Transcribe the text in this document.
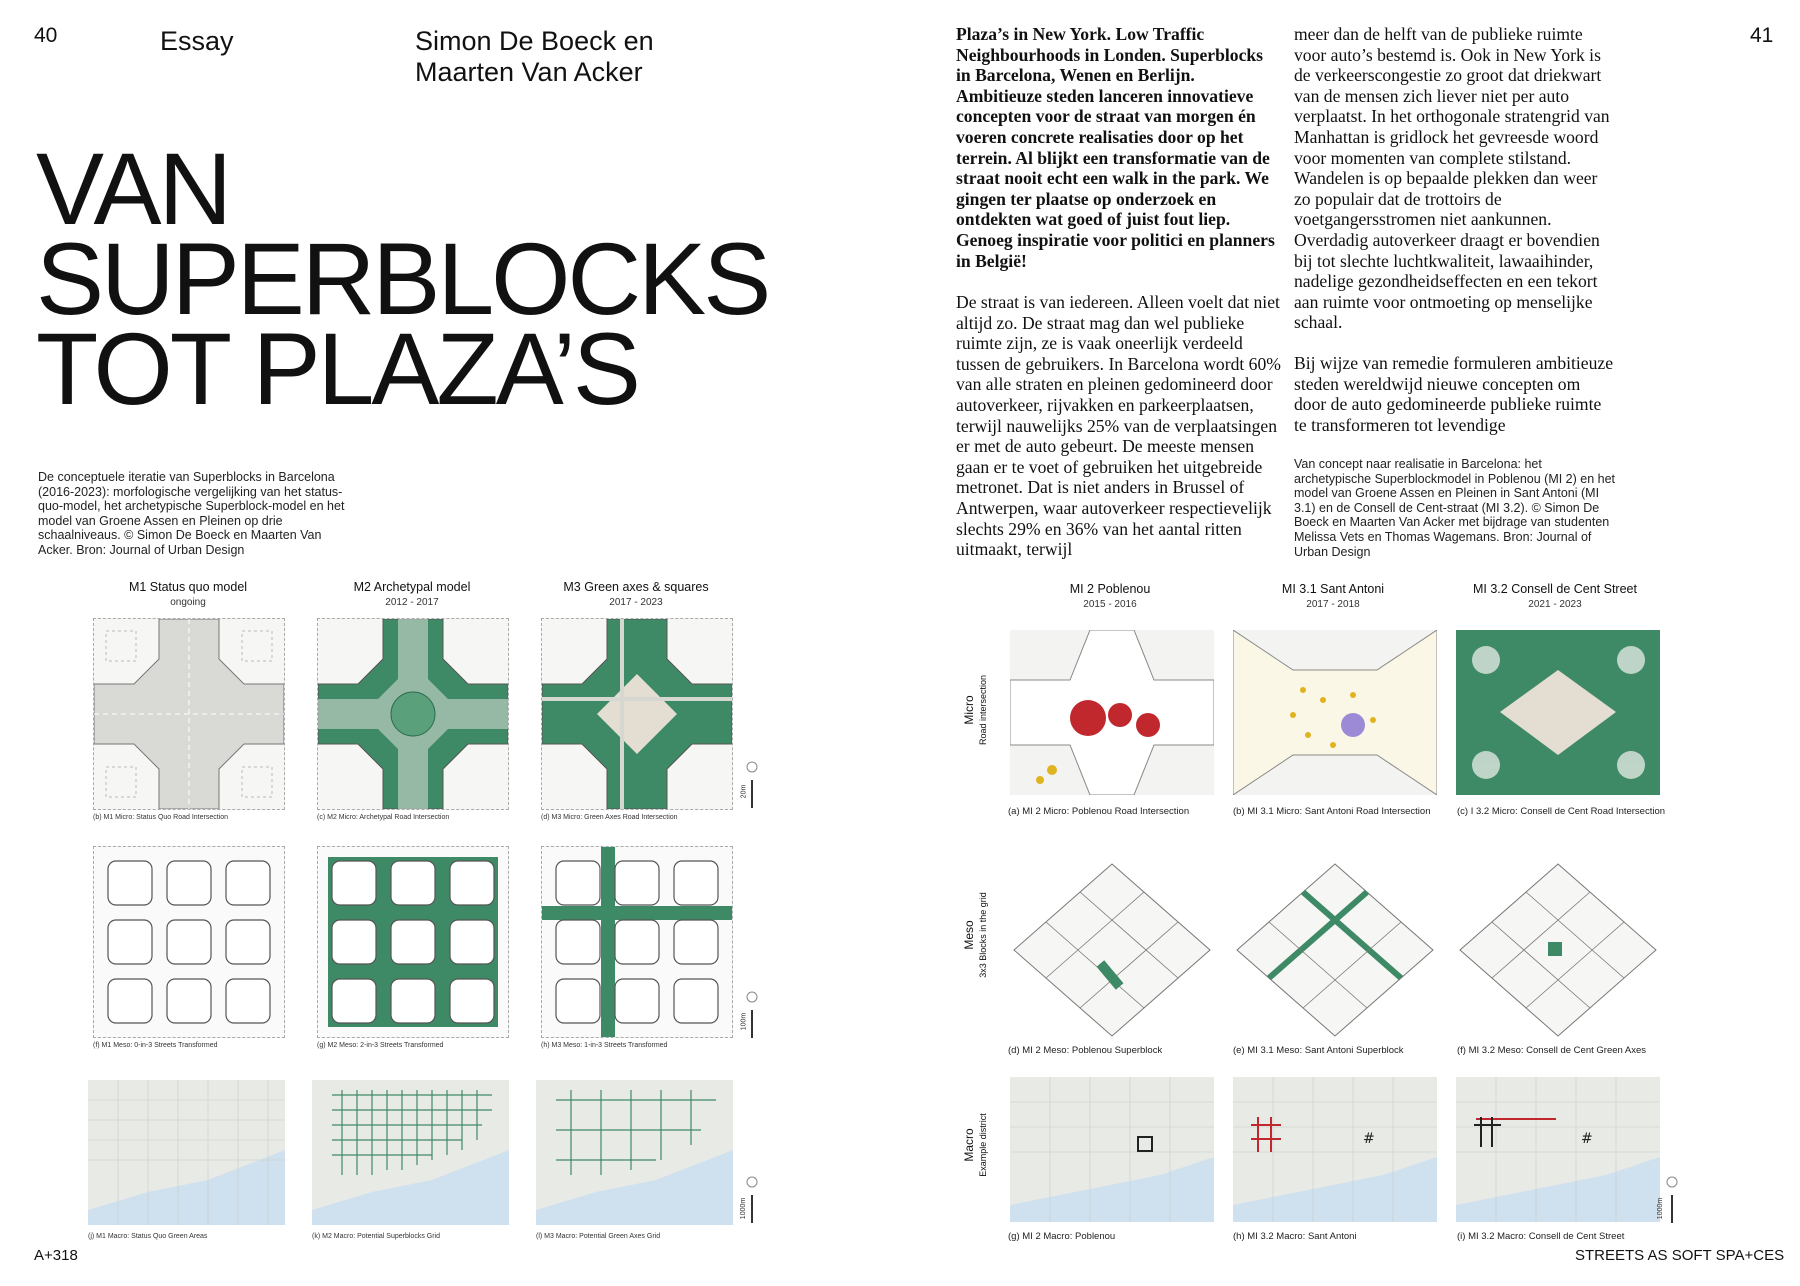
40	Essay	Simon De Boeck en
Maarten Van Acker
VAN
SUPERBLOCKS
TOT PLAZA’S
De conceptuele iteratie van Superblocks in Barcelona (2016-2023): morfologische vergelijking van het status-quo-model, het archetypische Superblock-model en het model van Groene Assen en Pleinen op drie schaalniveaus. © Simon De Boeck en Maarten Van Acker. Bron: Journal of Urban Design
M1 Status quo model
ongoing
M2 Archetypal model
2012 - 2017
M3 Green axes & squares
2017 - 2023
(b) M1 Micro: Status Quo Road Intersection	(c) M2 Micro: Archetypal Road Intersection	(d) M3 Micro: Green Axes Road Intersection
20m
(f) M1 Meso: 0-in-3 Streets Transformed	(g) M2 Meso: 2-in-3 Streets Transformed	(h) M3 Meso: 1-in-3 Streets Transformed
100m
(j) M1 Macro: Status Quo Green Areas	(k) M2 Macro: Potential Superblocks Grid	(l) M3 Macro: Potential Green Axes Grid
1000m
A+318
41
Plaza’s in New York. Low Traffic Neighbourhoods in Londen. Superblocks in Barcelona, Wenen en Berlijn. Ambitieuze steden lanceren innovatieve concepten voor de straat van morgen én voeren concrete realisaties door op het terrein. Al blijkt een transformatie van de straat nooit echt een walk in the park. We gingen ter plaatse op onderzoek en ontdekten wat goed of juist fout liep. Genoeg inspiratie voor politici en planners in België!
De straat is van iedereen. Alleen voelt dat niet altijd zo. De straat mag dan wel publieke ruimte zijn, ze is vaak oneerlijk verdeeld tussen de gebruikers. In Barcelona wordt 60% van alle straten en pleinen gedomineerd door autoverkeer, rijvakken en parkeerplaatsen, terwijl nauwelijks 25% van de verplaatsingen er met de auto gebeurt. De meeste mensen gaan er te voet of gebruiken het uitgebreide metronet. Dat is niet anders in Brussel of Antwerpen, waar autoverkeer respectievelijk slechts 29% en 36% van het aantal ritten uitmaakt, terwijl

meer dan de helft van de publieke ruimte voor auto’s bestemd is. Ook in New York is de verkeerscongestie zo groot dat driekwart van de mensen zich liever niet per auto verplaatst. In het orthogonale stratengrid van Manhattan is gridlock het gevreesde woord voor momenten van complete stilstand. Wandelen is op bepaalde plekken dan weer zo populair dat de trottoirs de voetgangersstromen niet aankunnen. Overdadig autoverkeer draagt er bovendien bij tot slechte luchtkwaliteit, lawaaihinder, nadelige gezondheidseffecten en een tekort aan ruimte voor ontmoeting op menselijke schaal.

Bij wijze van remedie formuleren ambitieuze steden wereldwijd nieuwe concepten om door de auto gedomineerde publieke ruimte te transformeren tot levendige

Van concept naar realisatie in Barcelona: het archetypische Superblockmodel in Poblenou (MI 2) en het model van Groene Assen en Pleinen in Sant Antoni (MI 3.1) en de Consell de Cent-straat (MI 3.2). © Simon De Boeck en Maarten Van Acker met bijdrage van studenten Melissa Vets en Thomas Wagemans. Bron: Journal of Urban Design
MI 2 Poblenou
2015 - 2016
MI 3.1 Sant Antoni
2017 - 2018
MI 3.2 Consell de Cent Street
2021 - 2023
Micro Road intersection
Meso 3x3 Blocks in the grid
Macro Example district
(a) MI 2 Micro: Poblenou Road Intersection	(b) MI 3.1 Micro: Sant Antoni Road Intersection	(c) I 3.2 Micro: Consell de Cent Road Intersection
(d) MI 2 Meso: Poblenou Superblock	(e) MI 3.1 Meso: Sant Antoni Superblock	(f) MI 3.2 Meso: Consell de Cent Green Axes
#	#
(g) MI 2 Macro: Poblenou	(h) MI 3.2 Macro: Sant Antoni	(i) MI 3.2 Macro: Consell de Cent Street
1000m
STREETS AS SOFT SPA+CES
